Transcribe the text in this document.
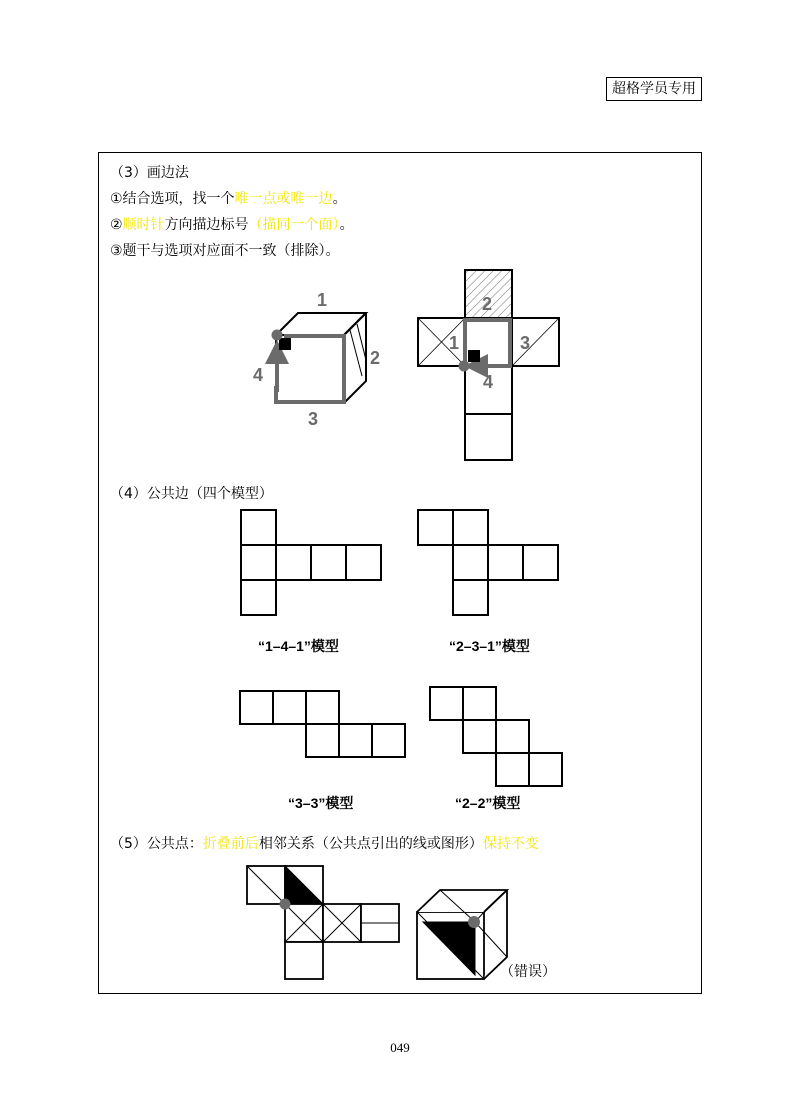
超格学员专用
（3）画边法
①结合选项，找一个唯一点或唯一边。
②顺时针方向描边标号（描同一个面）。
③题干与选项对应面不一致（排除）。
（4）公共边（四个模型）
（5）公共点：折叠前后相邻关系（公共点引出的线或图形）保持不变
1
2
4
3
2
1	3
4
“1–4–1”模型	“2–3–1”模型
“3–3”模型	“2–2”模型
（错误）
049
